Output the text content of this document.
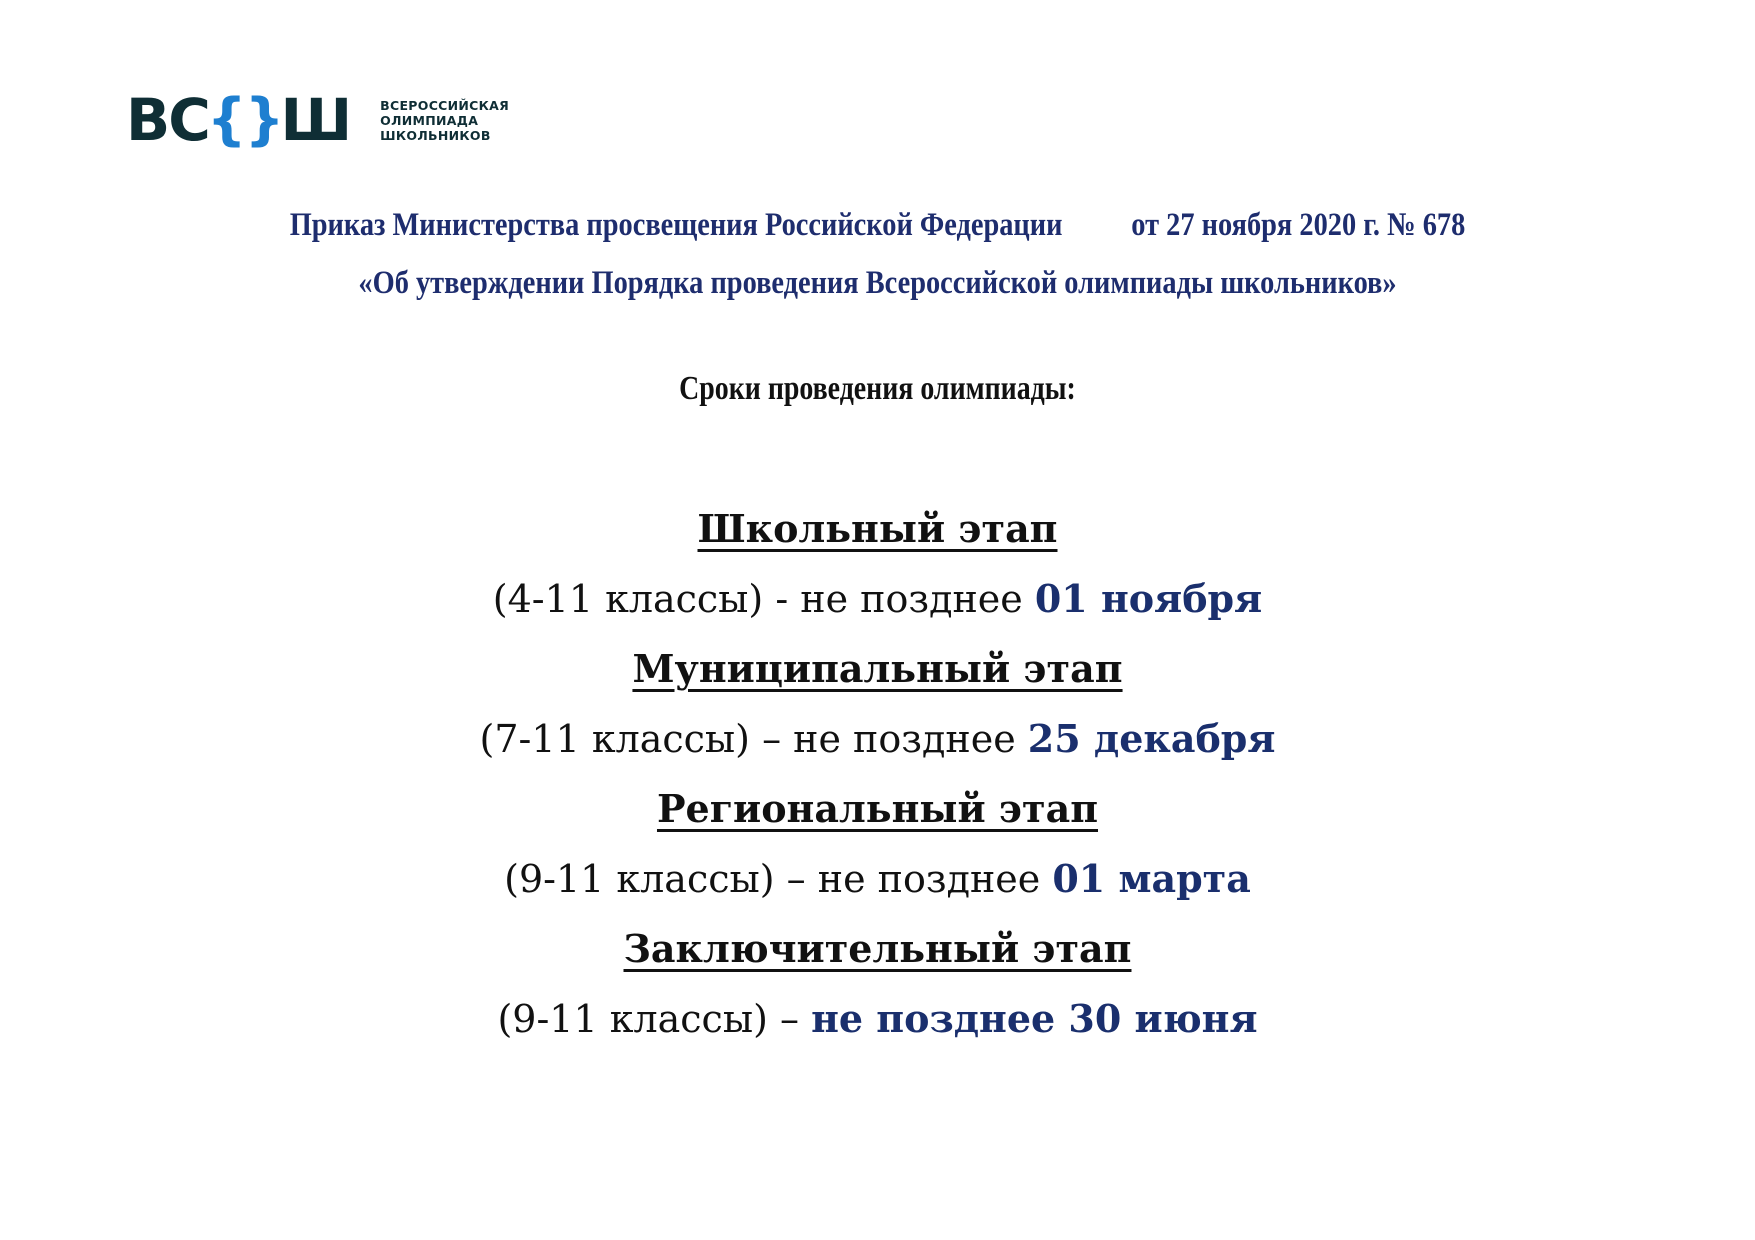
ВС
{}
Ш ВСЕРОССИЙСКАЯ
ОЛИМПИАДА
ШКОЛЬНИКОВ
Приказ Министерства просвещения Российской Федерации от 27 ноября 2020 г. № 678
«Об утверждении Порядка проведения Всероссийской олимпиады школьников»
Сроки проведения олимпиады:
Школьный этап
(4-11 классы) - не позднее 01 ноября
Муниципальный этап
(7-11 классы) – не позднее 25 декабря
Региональный этап
(9-11 классы) – не позднее 01 марта
Заключительный этап
(9-11 классы) – не позднее 30 июня
